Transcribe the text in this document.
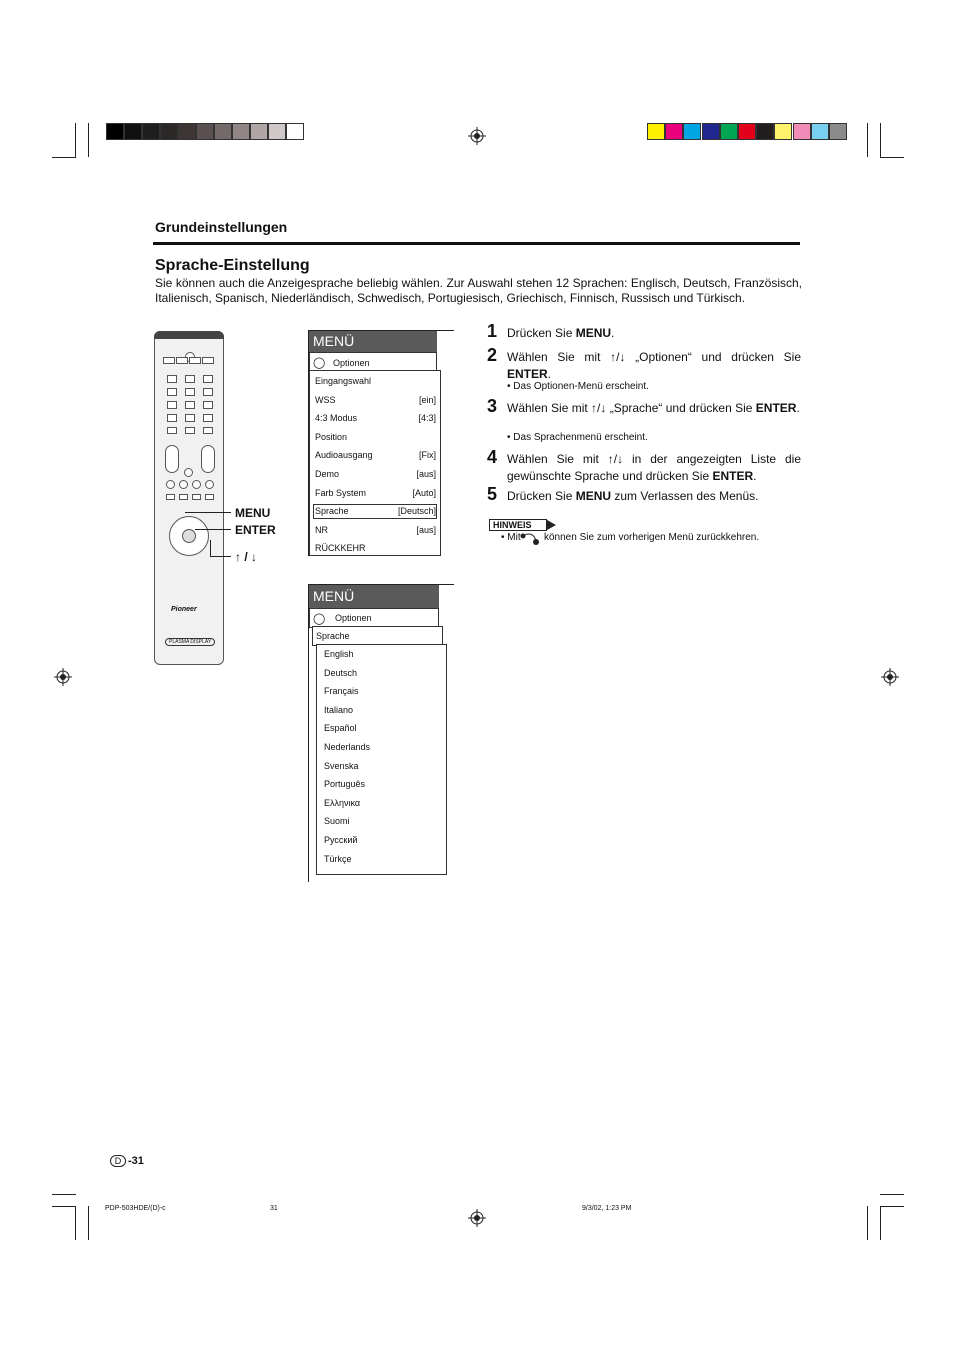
Grundeinstellungen
Sprache-Einstellung
Sie können auch die Anzeigesprache beliebig wählen. Zur Auswahl stehen 12 Sprachen: Englisch, Deutsch, Französisch, Italienisch, Spanisch, Niederländisch, Schwedisch, Portugiesisch, Griechisch, Finnisch, Russisch und Türkisch.
Pioneer
PLASMA DISPLAY
MENU
ENTER
↑ / ↓
MENÜ
◯ Optionen
Eingangswahl
WSS	[ein]
4:3 Modus	[4:3]
Position
Audioausgang	[Fix]
Demo	[aus]
Farb System	[Auto]
Sprache	[Deutsch]
NR	[aus]
RÜCKKEHR
MENÜ
◯ Optionen
Sprache
English
Deutsch
Français
Italiano
Español
Nederlands
Svenska
Português
Ελληνικα
Suomi
Русский
Türkçe
1 Drücken Sie MENU.
2 Wählen Sie mit ↑/↓ „Optionen“ und drücken Sie ENTER.
• Das Optionen-Menü erscheint.
3 Wählen Sie mit ↑/↓ „Sprache“ und drücken Sie ENTER.
• Das Sprachenmenü erscheint.
4 Wählen Sie mit ↑/↓ in der angezeigten Liste die gewünschte Sprache und drücken Sie ENTER.
5 Drücken Sie MENU zum Verlassen des Menüs.
HINWEIS
• Mit können Sie zum vorherigen Menü zurückkehren.
D -31
PDP-503HDE/(D)-c	31	9/3/02, 1:23 PM
